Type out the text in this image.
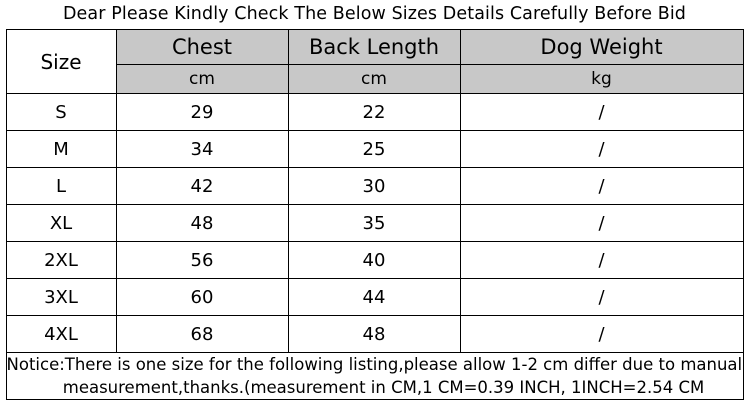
Dear Please Kindly Check The Below Sizes Details Carefully Before Bid
Size	Chest	Back Length	Dog Weight
	cm	cm	kg
S	29	22	/
M	34	25	/
L	42	30	/
XL	48	35	/
2XL	56	40	/
3XL	60	44	/
4XL	68	48	/

Notice:There is one size for the following listing,please allow 1-2 cm differ due to manual
measurement,thanks.(measurement in CM,1 CM=0.39 INCH, 1INCH=2.54 CM			
